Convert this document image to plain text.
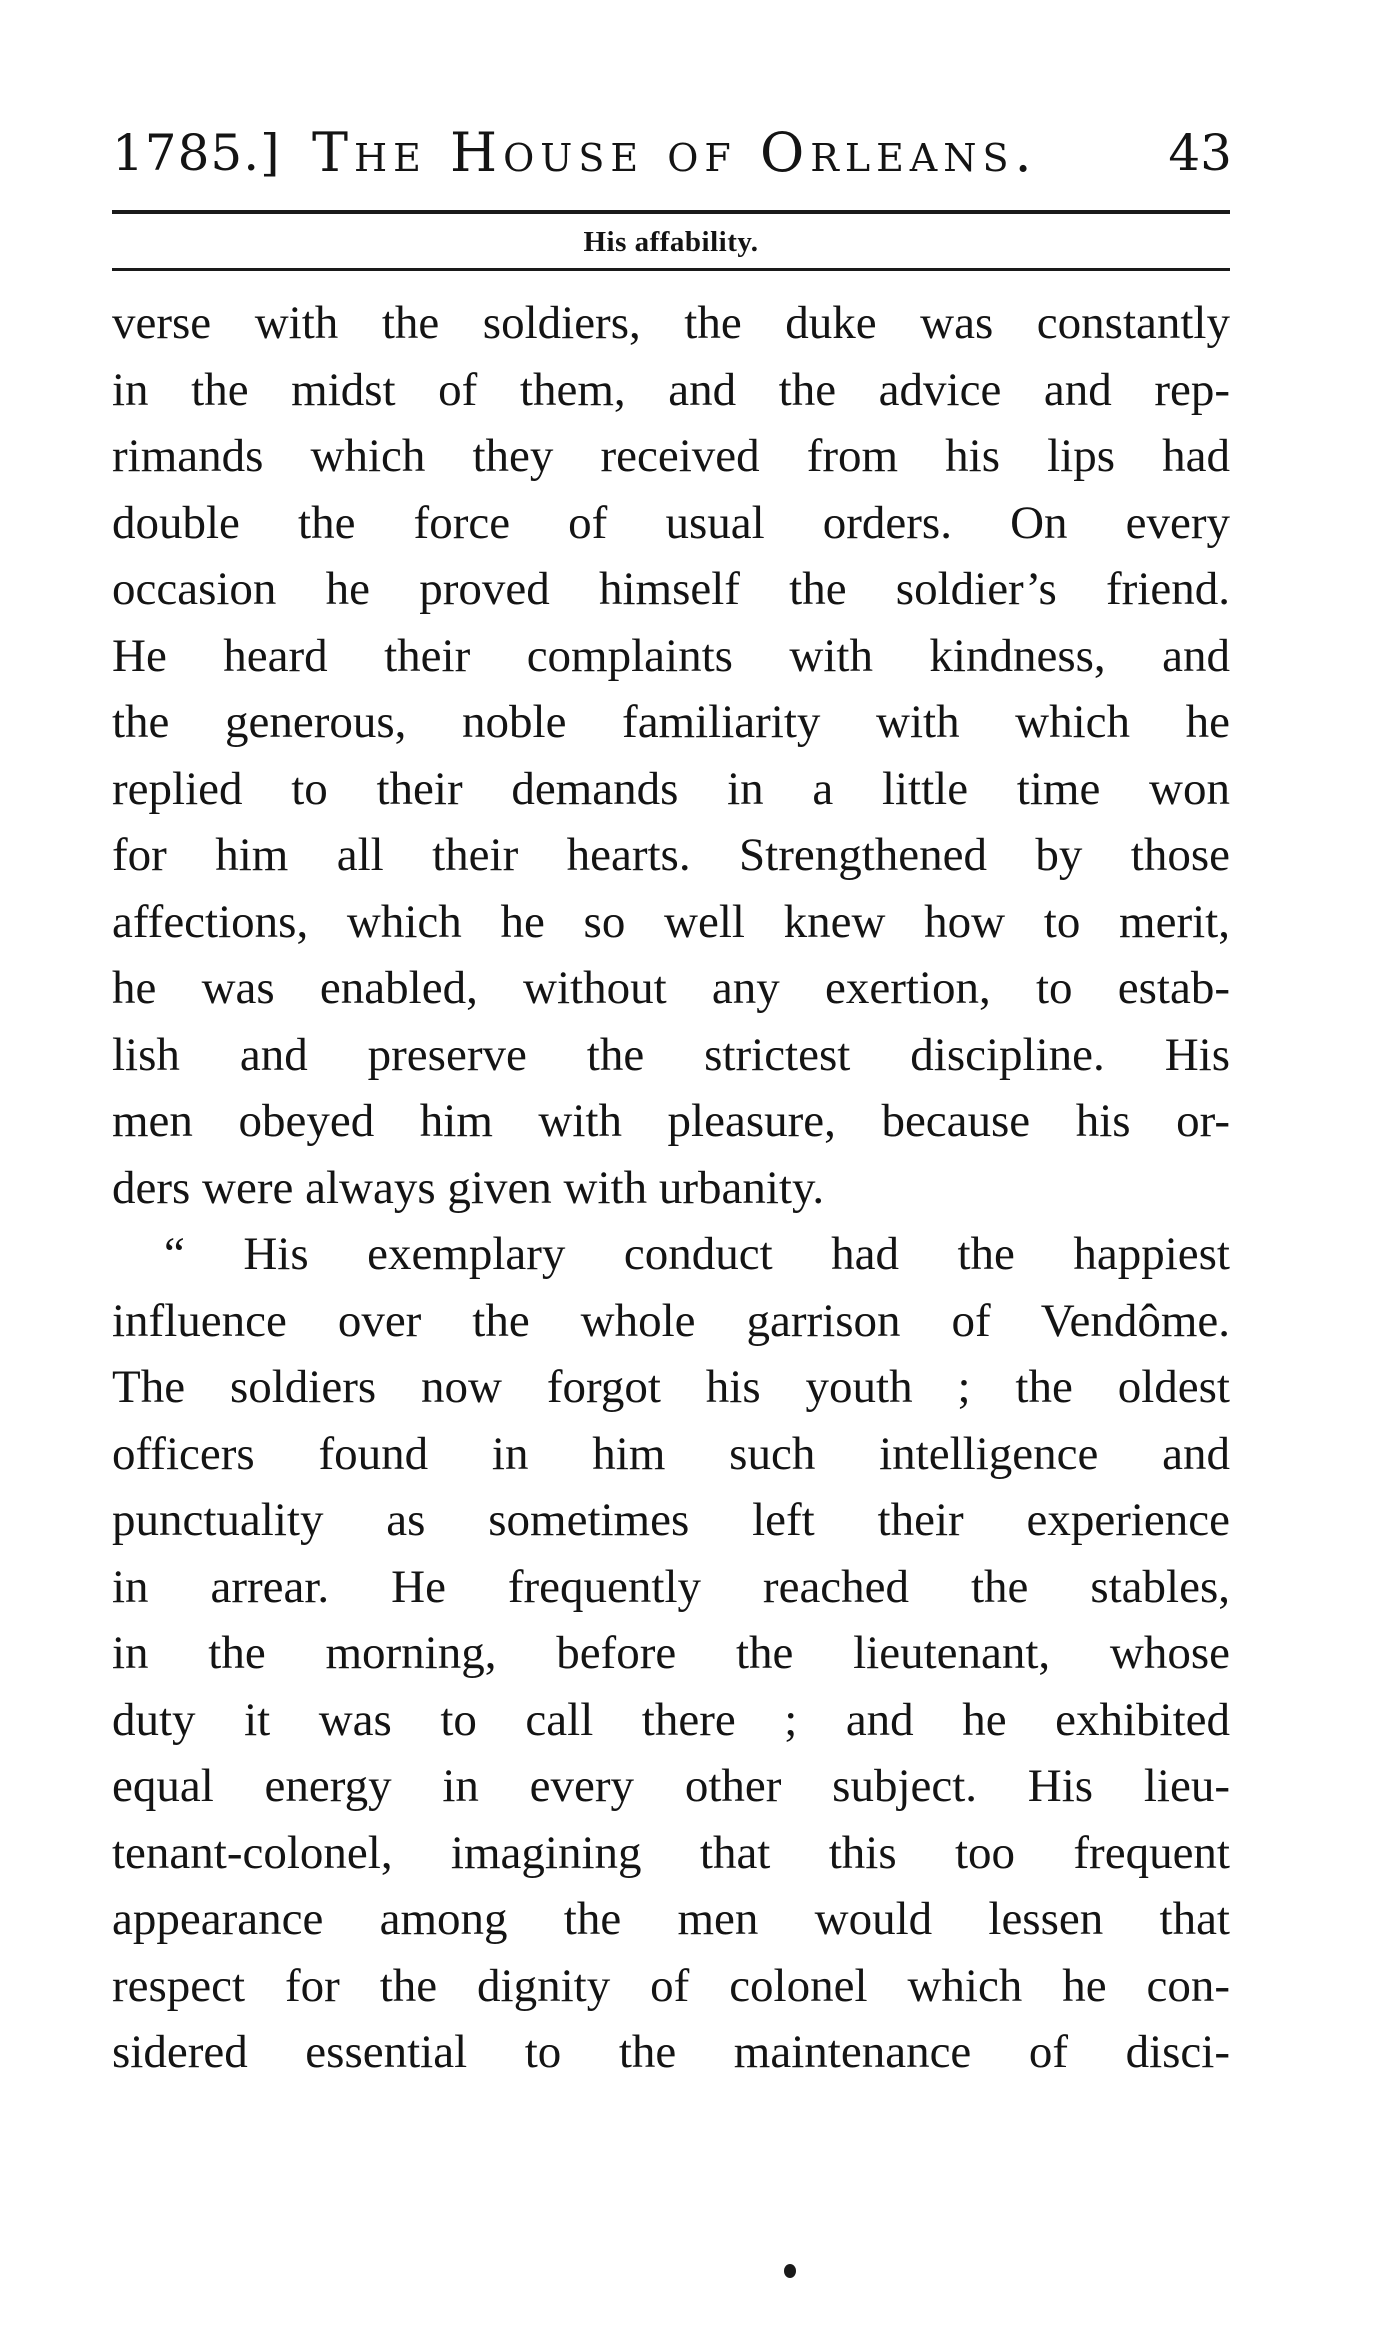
1785.] The House of Orleans.	43
His affability.
verse with the soldiers, the duke was constantly
in the midst of them, and the advice and rep-
rimands which they received from his lips had
double the force of usual orders. On every
occasion he proved himself the soldier’s friend.
He heard their complaints with kindness, and
the generous, noble familiarity with which he
replied to their demands in a little time won
for him all their hearts. Strengthened by those
affections, which he so well knew how to merit,
he was enabled, without any exertion, to estab-
lish and preserve the strictest discipline. His
men obeyed him with pleasure, because his or-
ders were always given with urbanity.
“ His exemplary conduct had the happiest
influence over the whole garrison of Vendôme.
The soldiers now forgot his youth ; the oldest
officers found in him such intelligence and
punctuality as sometimes left their experience
in arrear. He frequently reached the stables,
in the morning, before the lieutenant, whose
duty it was to call there ; and he exhibited
equal energy in every other subject. His lieu-
tenant-colonel, imagining that this too frequent
appearance among the men would lessen that
respect for the dignity of colonel which he con-
sidered essential to the maintenance of disci-
